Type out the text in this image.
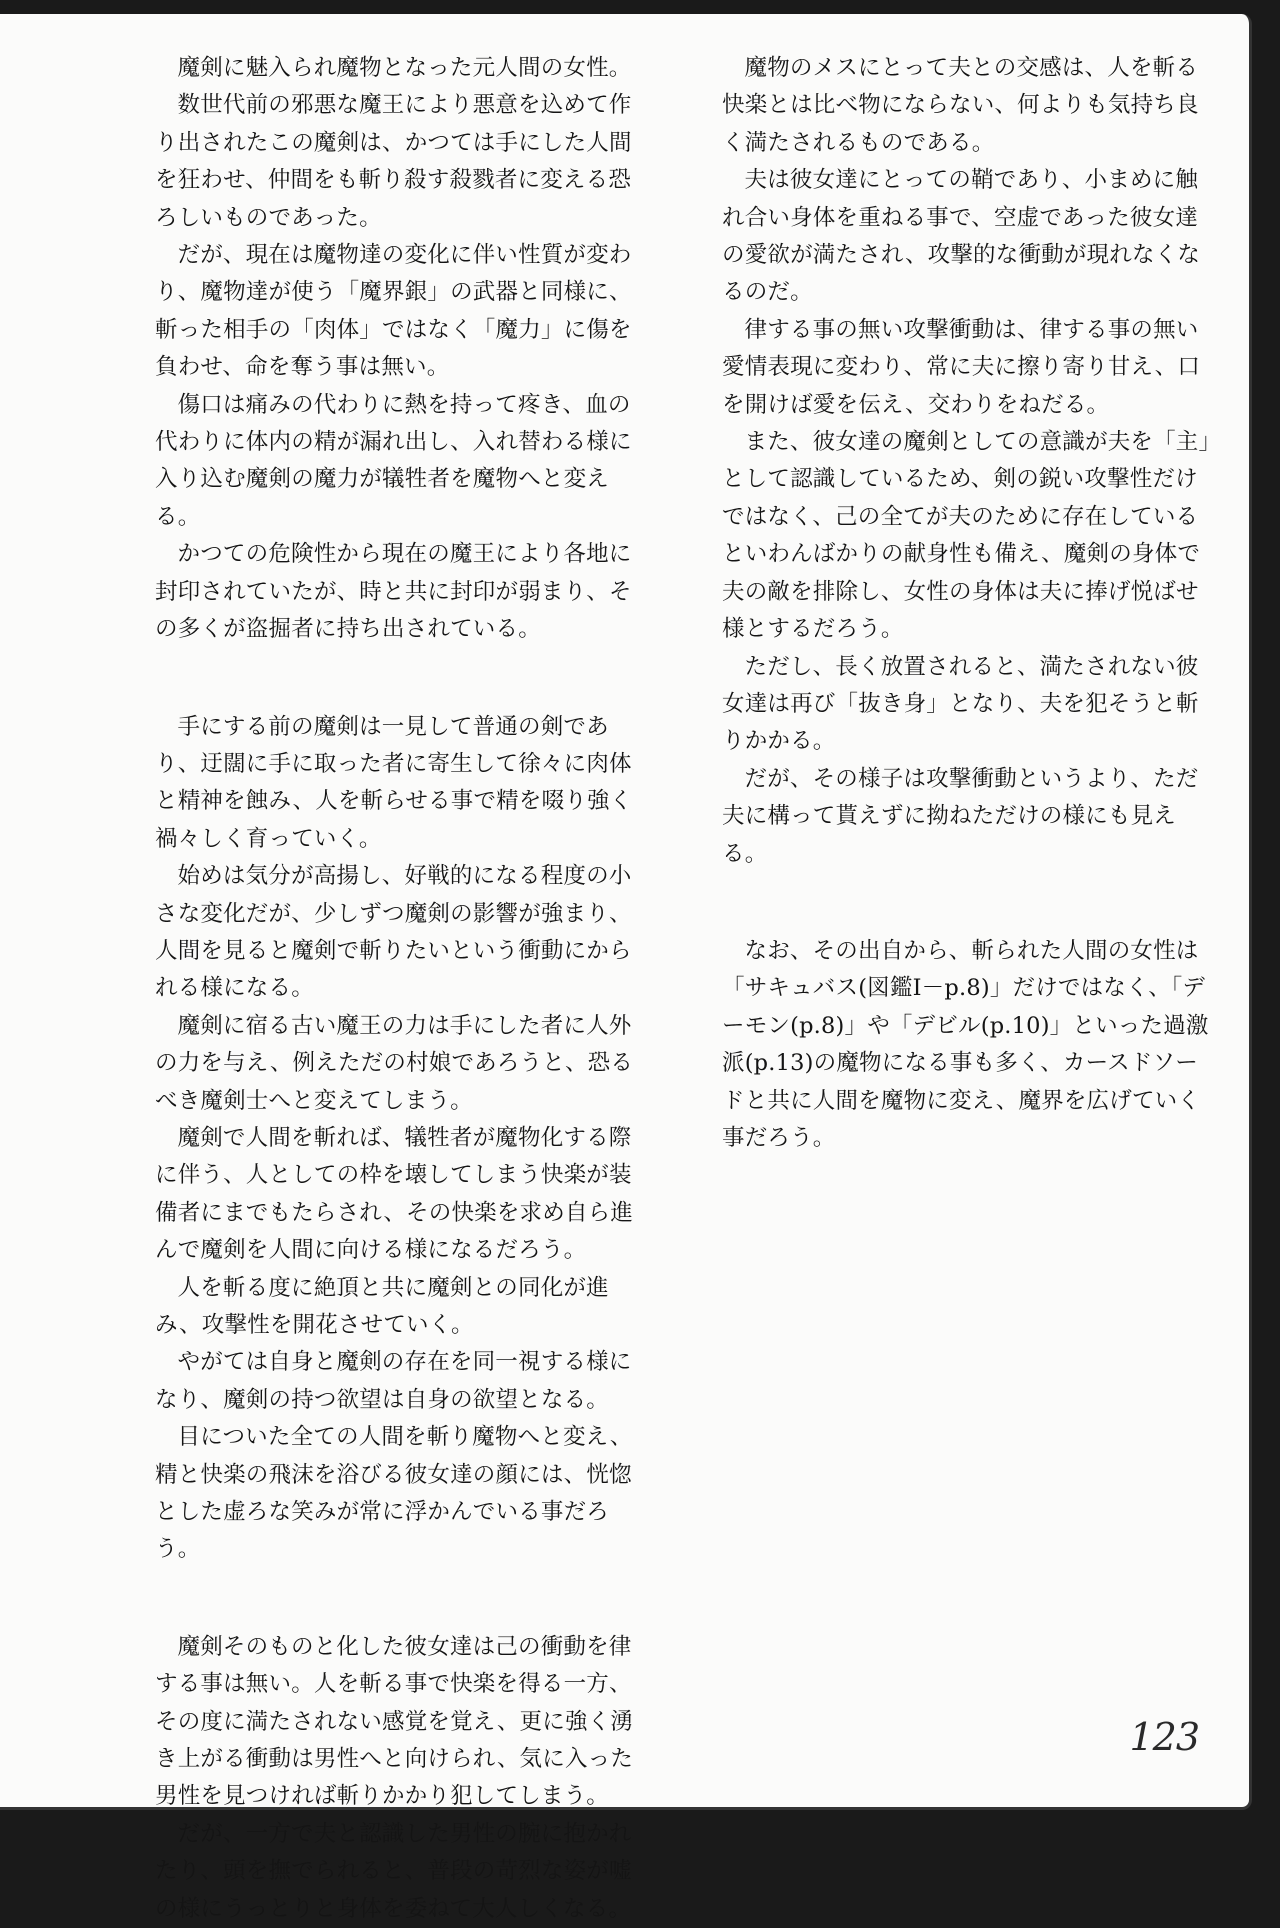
魔剣に魅入られ魔物となった元人間の女性。

数世代前の邪悪な魔王により悪意を込めて作り出されたこの魔剣は、かつては手にした人間を狂わせ、仲間をも斬り殺す殺戮者に変える恐ろしいものであった。

だが、現在は魔物達の変化に伴い性質が変わり、魔物達が使う「魔界銀」の武器と同様に、斬った相手の「肉体」ではなく「魔力」に傷を負わせ、命を奪う事は無い。

傷口は痛みの代わりに熱を持って疼き、血の代わりに体内の精が漏れ出し、入れ替わる様に入り込む魔剣の魔力が犠牲者を魔物へと変える。

かつての危険性から現在の魔王により各地に封印されていたが、時と共に封印が弱まり、その多くが盗掘者に持ち出されている。

手にする前の魔剣は一見して普通の剣であり、迂闊に手に取った者に寄生して徐々に肉体と精神を蝕み、人を斬らせる事で精を啜り強く禍々しく育っていく。

始めは気分が高揚し、好戦的になる程度の小さな変化だが、少しずつ魔剣の影響が強まり、人間を見ると魔剣で斬りたいという衝動にかられる様になる。

魔剣に宿る古い魔王の力は手にした者に人外の力を与え、例えただの村娘であろうと、恐るべき魔剣士へと変えてしまう。

魔剣で人間を斬れば、犠牲者が魔物化する際に伴う、人としての枠を壊してしまう快楽が装備者にまでもたらされ、その快楽を求め自ら進んで魔剣を人間に向ける様になるだろう。

人を斬る度に絶頂と共に魔剣との同化が進み、攻撃性を開花させていく。

やがては自身と魔剣の存在を同一視する様になり、魔剣の持つ欲望は自身の欲望となる。

目についた全ての人間を斬り魔物へと変え、精と快楽の飛沫を浴びる彼女達の顔には、恍惚とした虚ろな笑みが常に浮かんでいる事だろう。

魔剣そのものと化した彼女達は己の衝動を律する事は無い。人を斬る事で快楽を得る一方、その度に満たされない感覚を覚え、更に強く湧き上がる衝動は男性へと向けられ、気に入った男性を見つければ斬りかかり犯してしまう。

だが、一方で夫と認識した男性の腕に抱かれたり、頭を撫でられると、普段の苛烈な姿が嘘の様にうっとりと身体を委ねて大人しくなる。

魔物のメスにとって夫との交感は、人を斬る快楽とは比べ物にならない、何よりも気持ち良く満たされるものである。

夫は彼女達にとっての鞘であり、小まめに触れ合い身体を重ねる事で、空虚であった彼女達の愛欲が満たされ、攻撃的な衝動が現れなくなるのだ。

律する事の無い攻撃衝動は、律する事の無い愛情表現に変わり、常に夫に擦り寄り甘え、口を開けば愛を伝え、交わりをねだる。

また、彼女達の魔剣としての意識が夫を「主」として認識しているため、剣の鋭い攻撃性だけではなく、己の全てが夫のために存在しているといわんばかりの献身性も備え、魔剣の身体で夫の敵を排除し、女性の身体は夫に捧げ悦ばせ様とするだろう。

ただし、長く放置されると、満たされない彼女達は再び「抜き身」となり、夫を犯そうと斬りかかる。

だが、その様子は攻撃衝動というより、ただ夫に構って貰えずに拗ねただけの様にも見える。

なお、その出自から、斬られた人間の女性は「サキュバス(図鑑Ⅰ－p.8)」だけではなく、「デーモン(p.8)」や「デビル(p.10)」といった過激派(p.13)の魔物になる事も多く、カースドソードと共に人間を魔物に変え、魔界を広げていく事だろう。

123
